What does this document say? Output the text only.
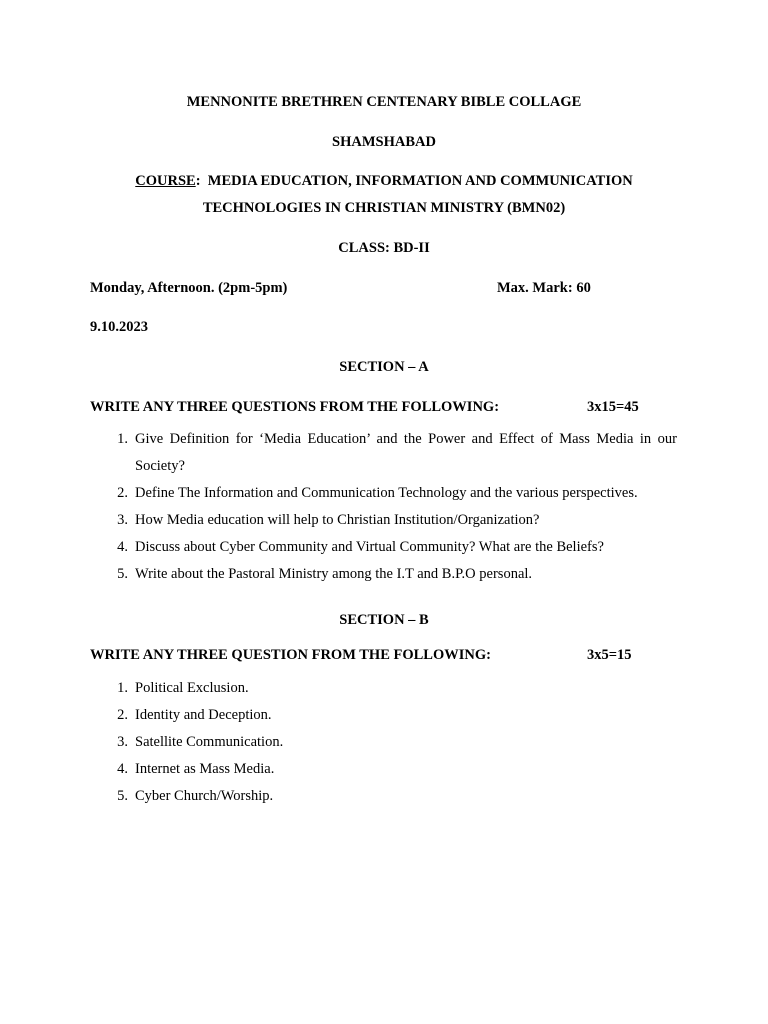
MENNONITE BRETHREN CENTENARY BIBLE COLLAGE
SHAMSHABAD
COURSE:  MEDIA EDUCATION, INFORMATION AND COMMUNICATION
TECHNOLOGIES IN CHRISTIAN MINISTRY (BMN02)
CLASS: BD-II
Monday, Afternoon. (2pm-5pm)	Max. Mark: 60
9.10.2023
SECTION – A
WRITE ANY THREE QUESTIONS FROM THE FOLLOWING:	3x15=45
1. Give Definition for ‘Media Education’ and the Power and Effect of Mass Media in our
Society?
2. Define The Information and Communication Technology and the various perspectives.
3. How Media education will help to Christian Institution/Organization?
4. Discuss about Cyber Community and Virtual Community? What are the Beliefs?
5. Write about the Pastoral Ministry among the I.T and B.P.O personal.
SECTION – B
WRITE ANY THREE QUESTION FROM THE FOLLOWING:	3x5=15
1. Political Exclusion.
2. Identity and Deception.
3. Satellite Communication.
4. Internet as Mass Media.
5. Cyber Church/Worship.
